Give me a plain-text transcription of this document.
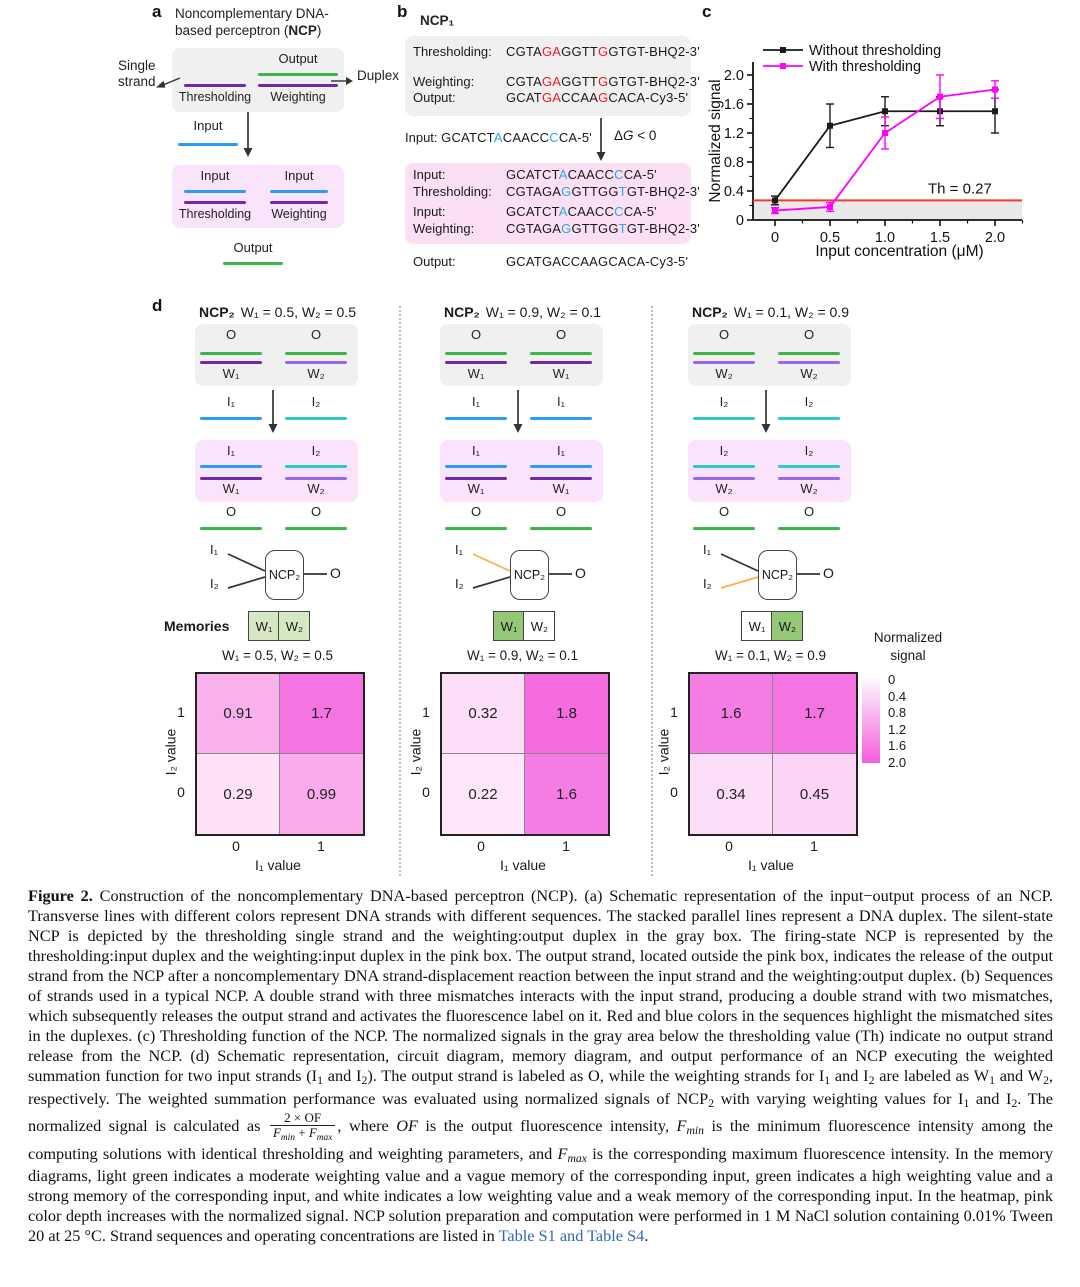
a Noncomplementary DNA-
based perceptron (NCP)
Output
Thresholding	Weighting
Single
strand	Duplex
Input
Input	Input
Thresholding	Weighting
Output
b NCP₁
Thresholding: CGTAGAGGTTGGTGT-BHQ2-3'
Weighting: CGTAGAGGTTGGTGT-BHQ2-3'
Output:	GCATGACCAAGCACA-Cy3-5'
Input: GCATCTACAACCCCA-5' ΔG < 0
Input:	GCATCTACAACCCCA-5'
Thresholding: CGTAGAGGTTGGTGT-BHQ2-3'
Input:	GCATCTACAACCCCA-5'
Weighting: CGTAGAGGTTGGTGT-BHQ2-3'
Output:	GCATGACCAAGCACA-Cy3-5'
c
0
0.4
0.8
1.2
1.6
2.0
0	0.5 1.0 1.5 2.0
Th = 0.27
Without thresholding
With thresholding
Input concentration (μM)
Normalized signal
d	NCP₂ W₁ = 0.5, W₂ = 0.5
O	O
W₁	W₂
I₁	I₂
I₁	I₂
W₁	W₂
O	O
I₁
I₂
NCP₂ O
Memories	W₁	W₂
W₁ = 0.5, W₂ = 0.5
0.91	1.7
0.29	0.99
1
0
I₂ value
0	1
I₁ value
NCP₂ W₁ = 0.9, W₂ = 0.1
O	O
W₁	W₁
I₁	I₁
I₁	I₁
W₁	W₁
O	O
I₁
I₂
NCP₂ O
W₁	W₂
W₁ = 0.9, W₂ = 0.1
0.32	1.8
0.22	1.6
1
0
I₂ value
0	1
I₁ value
NCP₂ W₁ = 0.1, W₂ = 0.9
O	O
W₂	W₂
I₂	I₂
I₂	I₂
W₂	W₂
O	O
I₁
I₂
NCP₂ O
W₁	W₂
W₁ = 0.1, W₂ = 0.9
1.6	1.7
0.34	0.45
1
0
I₂ value
0	1
I₁ value
Normalized
signal
0
0.4
0.8
1.2
1.6
2.0
Figure 2. Construction of the noncomplementary DNA-based perceptron (NCP). (a) Schematic representation of the input−output process of an NCP. Transverse lines with different colors represent DNA strands with different sequences. The stacked parallel lines represent a DNA duplex. The silent-state NCP is depicted by the thresholding single strand and the weighting:output duplex in the gray box. The firing-state NCP is represented by the thresholding:input duplex and the weighting:input duplex in the pink box. The output strand, located outside the pink box, indicates the release of the output strand from the NCP after a noncomplementary DNA strand-displacement reaction between the input strand and the weighting:output duplex. (b) Sequences of strands used in a typical NCP. A double strand with three mismatches interacts with the input strand, producing a double strand with two mismatches, which subsequently releases the output strand and activates the fluorescence label on it. Red and blue colors in the sequences highlight the mismatched sites in the duplexes. (c) Thresholding function of the NCP. The normalized signals in the gray area below the thresholding value (Th) indicate no output strand release from the NCP. (d) Schematic representation, circuit diagram, memory diagram, and output performance of an NCP executing the weighted summation function for two input strands (I1 and I2). The output strand is labeled as O, while the weighting strands for I1 and I2 are labeled as W1 and W2, respectively. The weighted summation performance was evaluated using normalized signals of NCP2 with varying weighting values for I1 and I2. The normalized signal is calculated as $\frac{2 \times OF}{F_{min} + F_{max}}$ , where OF is the output fluorescence intensity, Fmin is the minimum fluorescence intensity among the computing solutions with identical thresholding and weighting parameters, and Fmax is the corresponding maximum fluorescence intensity. In the memory diagrams, light green indicates a moderate weighting value and a vague memory of the corresponding input, green indicates a high weighting value and a strong memory of the corresponding input, and white indicates a low weighting value and a weak memory of the corresponding input. In the heatmap, pink color depth increases with the normalized signal. NCP solution preparation and computation were performed in 1 M NaCl solution containing 0.01% Tween 20 at 25 °C. Strand sequences and operating concentrations are listed in Table S1 and Table S4.
